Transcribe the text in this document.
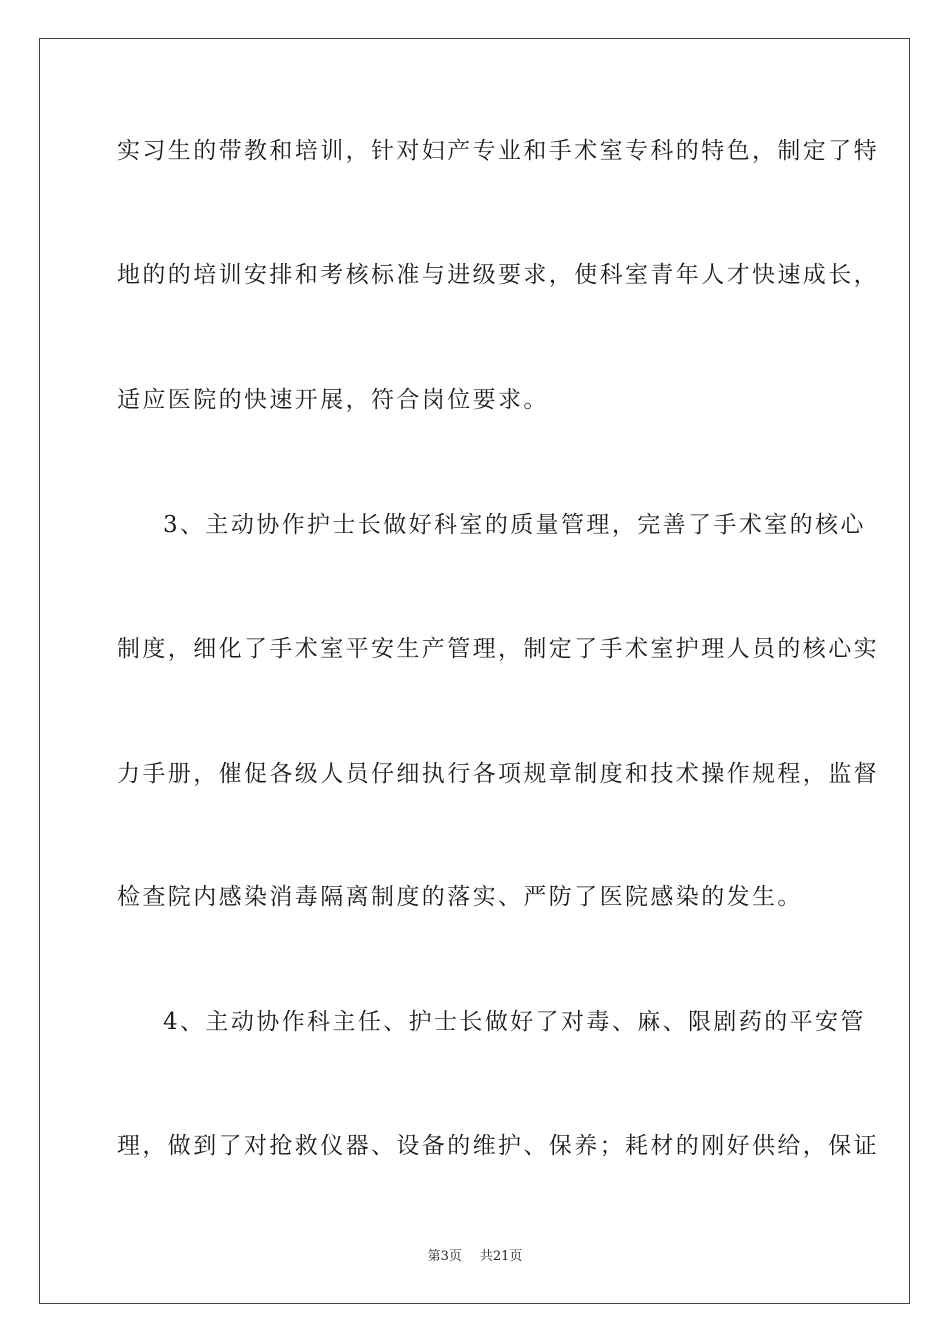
实习生的带教和培训，针对妇产专业和手术室专科的特色，制定了特
地的的培训安排和考核标准与进级要求，使科室青年人才快速成长，
适应医院的快速开展，符合岗位要求。
3、主动协作护士长做好科室的质量管理，完善了手术室的核心
制度，细化了手术室平安生产管理，制定了手术室护理人员的核心实
力手册，催促各级人员仔细执行各项规章制度和技术操作规程，监督
检查院内感染消毒隔离制度的落实、严防了医院感染的发生。
4、主动协作科主任、护士长做好了对毒、麻、限剧药的平安管
理，做到了对抢救仪器、设备的维护、保养；耗材的刚好供给，保证
第3页 共21页
